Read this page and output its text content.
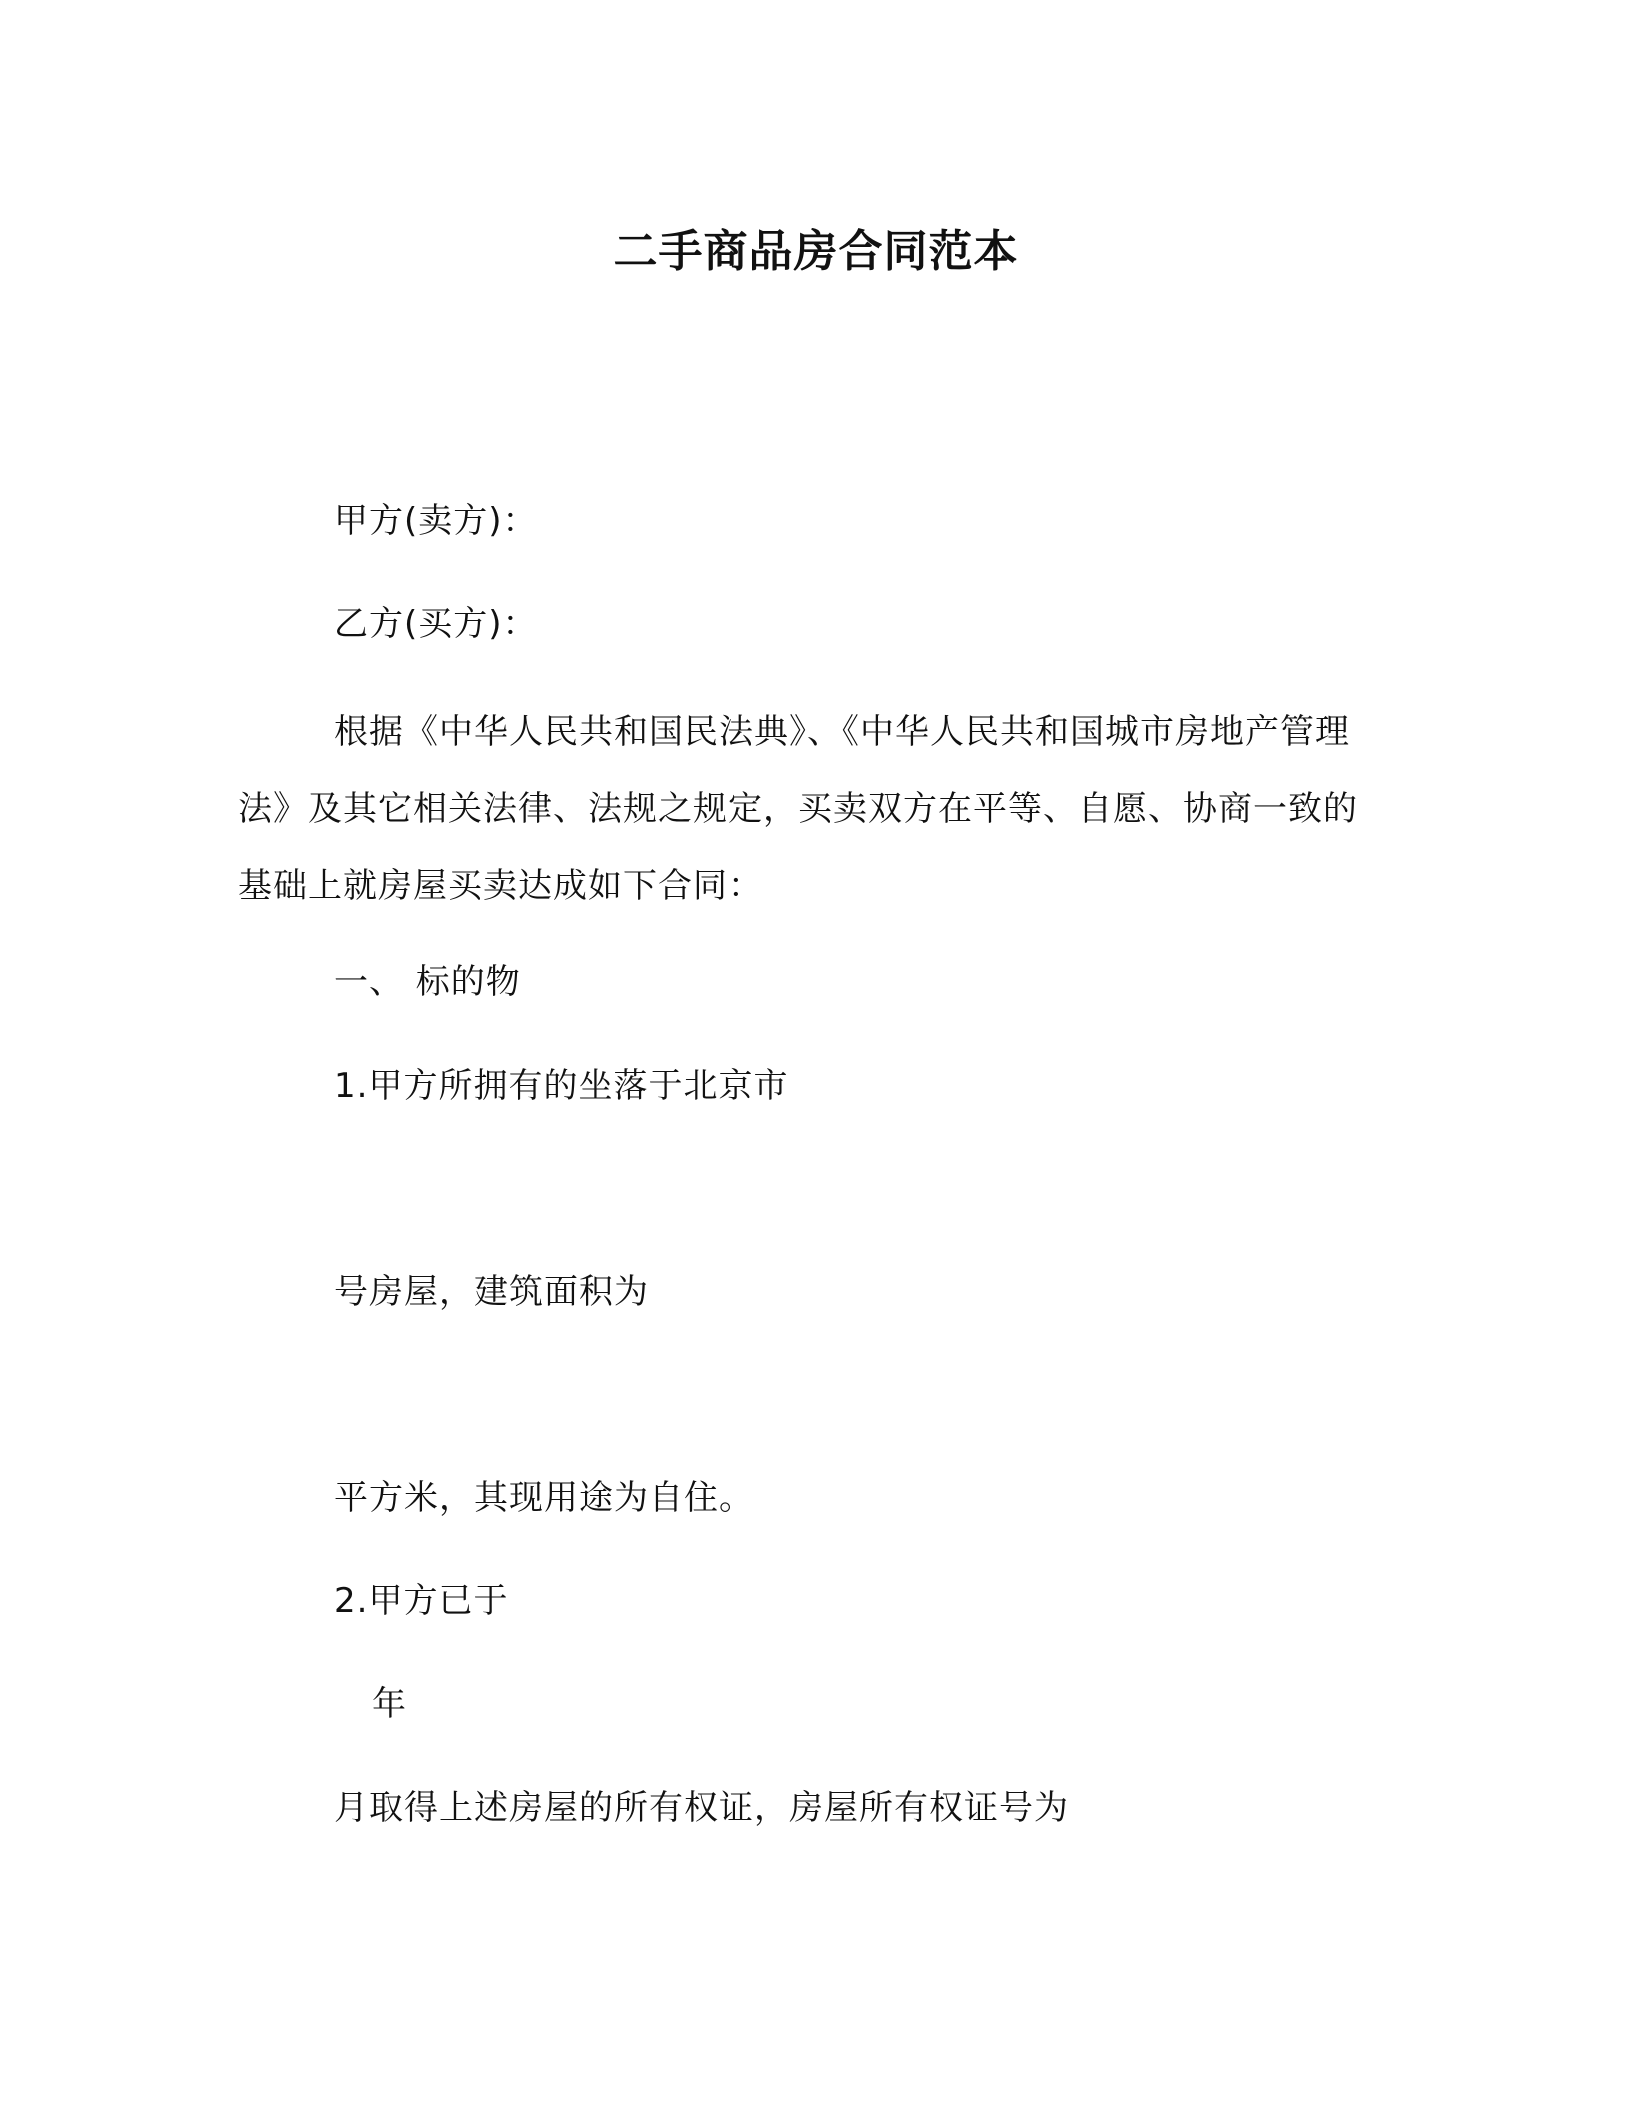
二手商品房合同范本
甲方(卖方)：
乙方(买方)：
根据《中华人民共和国民法典》、《中华人民共和国城市房地产管理法》及其它相关法律、法规之规定，买卖双方在平等、自愿、协商一致的基础上就房屋买卖达成如下合同：
一、 标的物
1.甲方所拥有的坐落于北京市
号房屋，建筑面积为
平方米，其现用途为自住。
2.甲方已于
年
月取得上述房屋的所有权证，房屋所有权证号为
